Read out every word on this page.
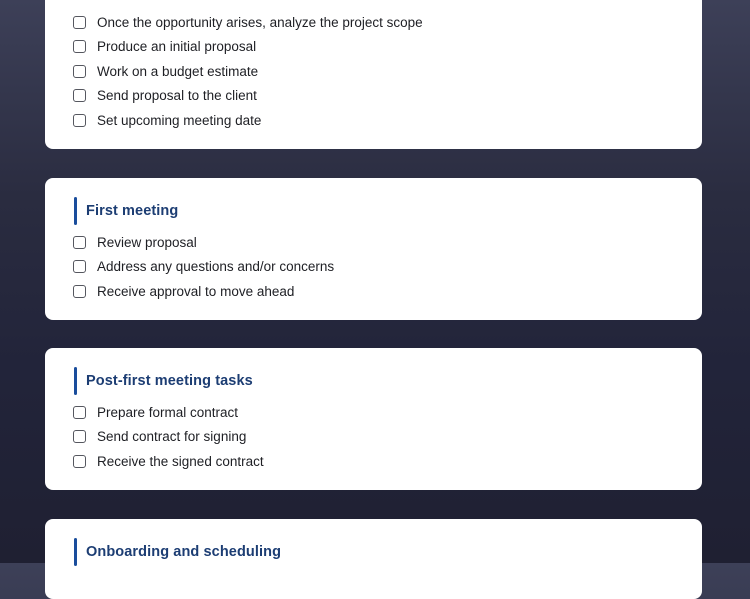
Once the opportunity arises, analyze the project scope
Produce an initial proposal
Work on a budget estimate
Send proposal to the client
Set upcoming meeting date
First meeting
Review proposal
Address any questions and/or concerns
Receive approval to move ahead
Post-first meeting tasks
Prepare formal contract
Send contract for signing
Receive the signed contract
Onboarding and scheduling
